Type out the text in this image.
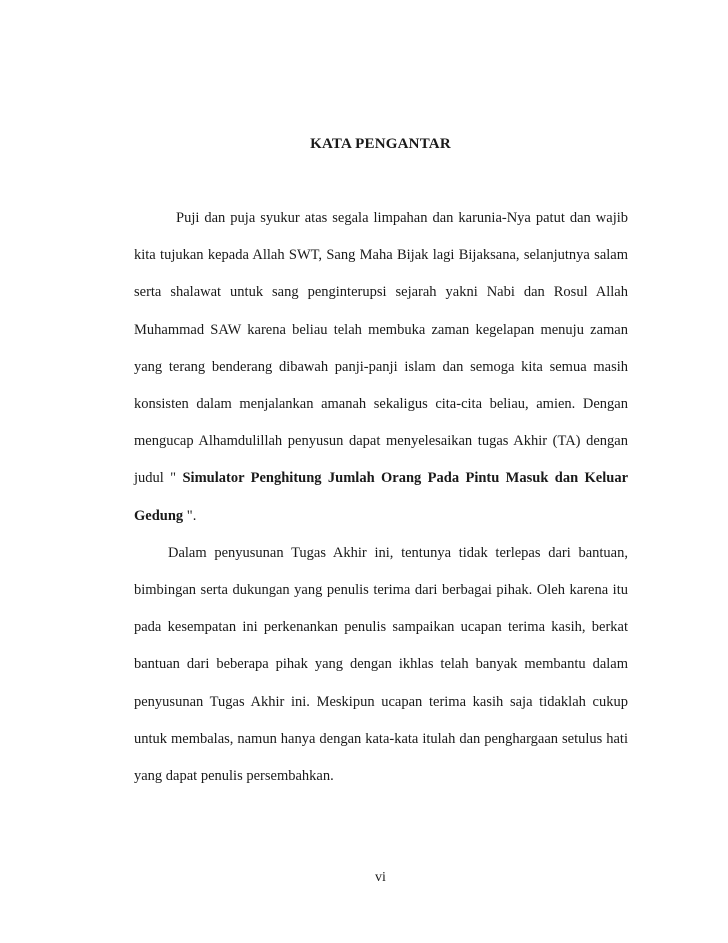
KATA PENGANTAR

Puji dan puja syukur atas segala limpahan dan karunia-Nya patut dan wajib kita tujukan kepada Allah SWT, Sang Maha Bijak lagi Bijaksana, selanjutnya salam serta shalawat untuk sang penginterupsi sejarah yakni Nabi dan Rosul Allah Muhammad SAW karena beliau telah membuka zaman kegelapan menuju zaman yang terang benderang dibawah panji-panji islam dan semoga kita semua masih konsisten dalam menjalankan amanah sekaligus cita-cita beliau, amien. Dengan mengucap Alhamdulillah penyusun dapat menyelesaikan tugas Akhir (TA) dengan judul " Simulator Penghitung Jumlah Orang Pada Pintu Masuk dan Keluar Gedung ".

Dalam penyusunan Tugas Akhir ini, tentunya tidak terlepas dari bantuan, bimbingan serta dukungan yang penulis terima dari berbagai pihak. Oleh karena itu pada kesempatan ini perkenankan penulis sampaikan ucapan terima kasih, berkat bantuan dari beberapa pihak yang dengan ikhlas telah banyak membantu dalam penyusunan Tugas Akhir ini. Meskipun ucapan terima kasih saja tidaklah cukup untuk membalas, namun hanya dengan kata-kata itulah dan penghargaan setulus hati yang dapat penulis persembahkan.

vi
